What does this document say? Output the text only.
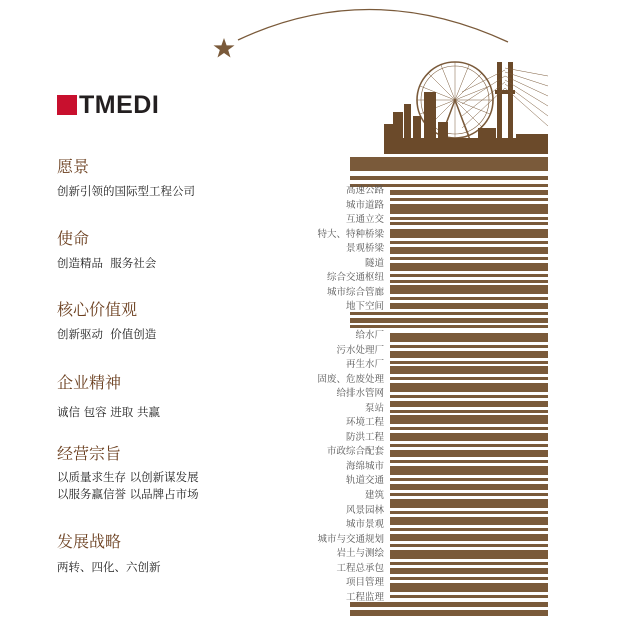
TMEDI
愿景

创新引领的国际型工程公司

使命

创造精品  服务社会

核心价值观

创新驱动  价值创造

企业精神

诚信 包容 进取 共赢

经营宗旨

以质量求生存 以创新谋发展

以服务赢信誉 以品牌占市场

发展战略

两转、四化、六创新

高速公路
城市道路
互通立交
特大、特种桥梁
景观桥梁
隧道
综合交通枢纽
城市综合管廊
地下空间
给水厂
污水处理厂
再生水厂
固废、危废处理
给排水管网
泵站
环境工程
防洪工程
市政综合配套
海绵城市
轨道交通
建筑
风景园林
城市景观
城市与交通规划
岩土与测绘
工程总承包
项目管理
工程监理
